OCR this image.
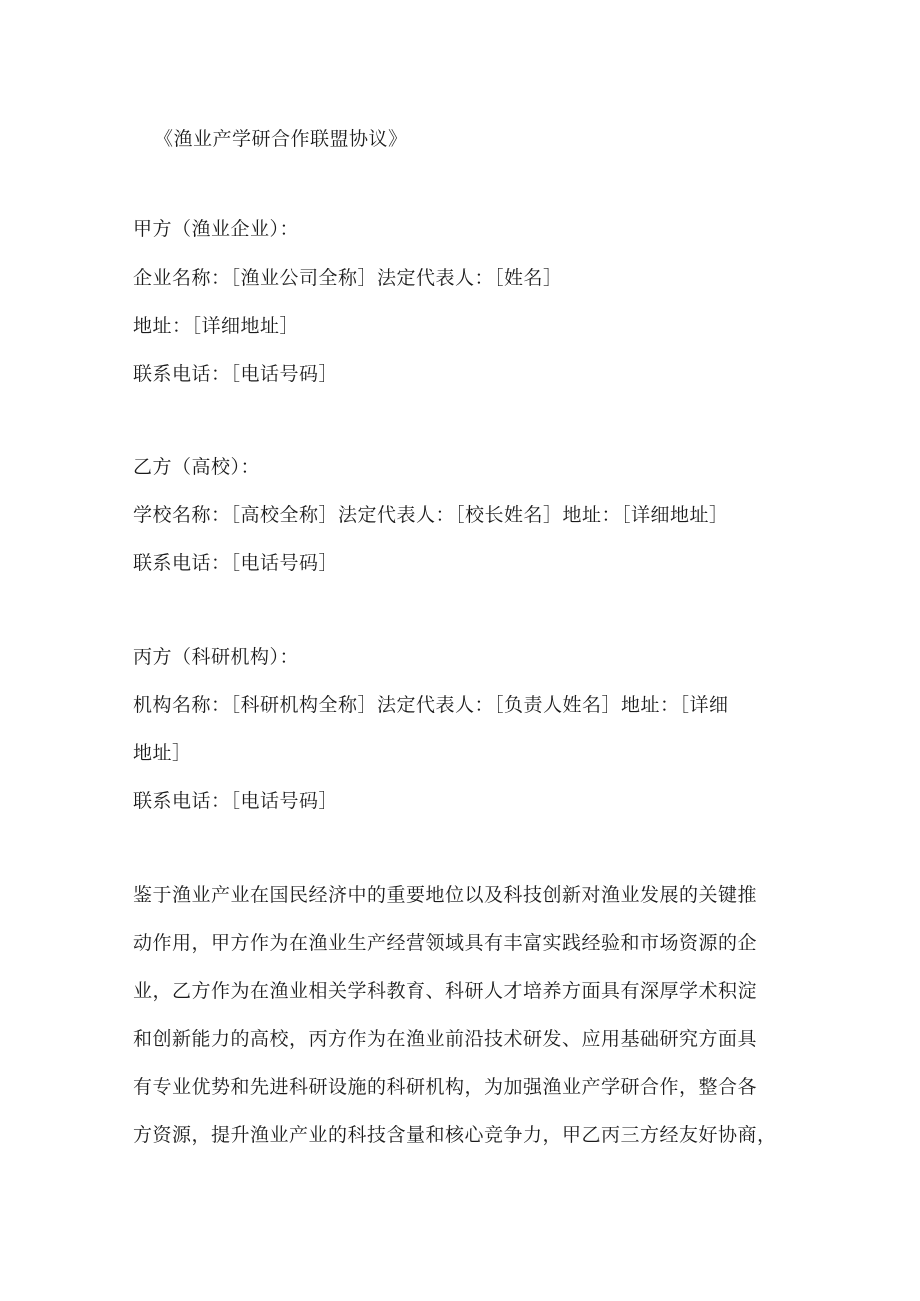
《渔业产学研合作联盟协议》
甲方（渔业企业）：
企业名称：［渔业公司全称］法定代表人：［姓名］
地址：［详细地址］
联系电话：［电话号码］
乙方（高校）：
学校名称：［高校全称］法定代表人：［校长姓名］地址：［详细地址］
联系电话：［电话号码］
丙方（科研机构）：
机构名称：［科研机构全称］法定代表人：［负责人姓名］地址：［详细
地址］
联系电话：［电话号码］
鉴于渔业产业在国民经济中的重要地位以及科技创新对渔业发展的关键推
动作用，甲方作为在渔业生产经营领域具有丰富实践经验和市场资源的企
业，乙方作为在渔业相关学科教育、科研人才培养方面具有深厚学术积淀
和创新能力的高校，丙方作为在渔业前沿技术研发、应用基础研究方面具
有专业优势和先进科研设施的科研机构，为加强渔业产学研合作，整合各
方资源，提升渔业产业的科技含量和核心竞争力，甲乙丙三方经友好协商，
